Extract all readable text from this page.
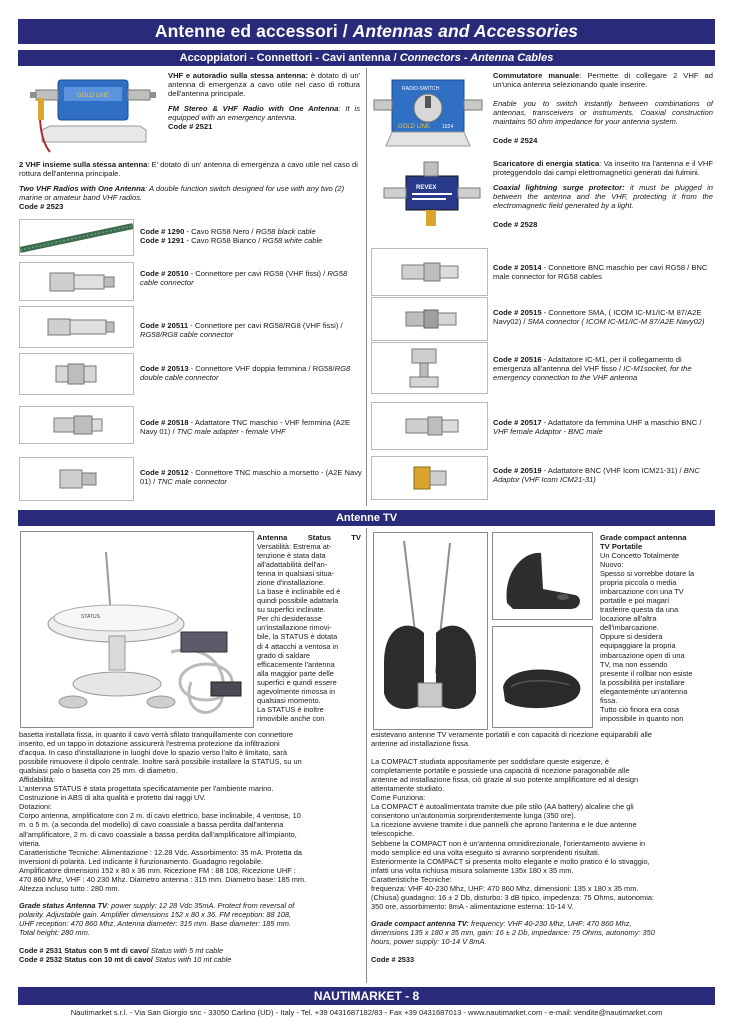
Antenne ed accessori / Antennas and Accessories
Accoppiatori - Connettori - Cavi antenna / Connectors - Antenna Cables
GOLD LINE

VHF e autoradio sulla stessa antenna: è dotato di un' antenna di emergenza a cavo utile nel caso di rottura dell'antenna principale.

FM Stereo & VHF Radio with One Antenna: It is equipped with an emergency antenna.

Code # 2521

2 VHF insieme sulla stessa antenna: E' dotato di un' antenna di emergenza a cavo utile nel caso di rottura dell'antenna principale.

Two VHF Radios with One Antenna: A double function switch designed for use with any two (2) marine or amateur band VHF radios.

Code # 2523

RADIO-SWITCH
GOLD LINE 1524

Commutatore manuale: Permette di collegare 2 VHF ad un'unica antenna selezionando quale inserire.

Enable you to switch instantly between combinations of antennas, transceivers or instruments. Coaxial construction maintains 50 ohm impedance for your antenna system.

Code # 2524

REVEX

Scaricatore di energia statica: Va inserito tra l'antenna e il VHF proteggendolo dai campi elettromagnetici generati dai fulmini.

Coaxial lightning surge protector: it must be plugged in between the antenna and the VHF, protecting it from the electromagnetic field generated by a light.

Code # 2528

Code # 1290 - Cavo RG58 Nero / RG58 black cable

Code # 1291 - Cavo RG58 Bianco / RG58 white cable

Code # 20510 - Connettore per cavi RG58 (VHF fissi) / RG58 cable connector

Code # 20511 - Connettore per cavi RG58/RG8 (VHF fissi) / RG58/RG8 cable connector

Code # 20513 - Connettore VHF doppia femmina / RG58/RG8 double cable connector

Code # 20518 - Adattatore TNC maschio - VHF femmina (A2E Navy 01) / TNC male adapter - female VHF

Code # 20512 - Connettore TNC maschio a morsetto - (A2E Navy 01) / TNC male connector

Code # 20514 - Connettore BNC maschio per cavi RG58 / BNC male connector for RG58 cables

Code # 20515 - Connettore SMA, ( ICOM IC-M1/IC-M 87/A2E Navy02) / SMA connector ( ICOM IC-M1/IC-M 87/A2E Navy02)

Code # 20516 - Adattatore IC-M1, per il collegamento di emergenza all'antenna del VHF fisso / IC-M1socket, for the emergency connection to the VHF antenna

Code # 20517 - Adattatore da femmina UHF a maschio BNC / VHF female Adaptor - BNC male

Code # 20519 - Adattatore BNC (VHF Icom ICM21-31) / BNC Adaptor (VHF Icom ICM21-31)

Antenne TV
STATUS

Antenna Status TV

Versatilità: Estrema at-

tenzione è stata data

all'adattabilità dell'an-

tenna in qualsiasi situa-

zione d'installazione.

La base è inclinabile ed è

quindi possibile adattarla

su superfici inclinate.

Per chi desiderasse

un'installazione rimovi-

bile, la STATUS è dotata

di 4 attacchi a ventosa in

grado di saldare

efficacemente l'antenna

alla maggior parte delle

superfici e quindi essere

agevolmente rimossa in

qualsiasi momento.

La STATUS è inoltre

rimovibile anche con

basetta installata fissa, in quanto il cavo verrà sfilato tranquillamente con connettore

inserito, ed un tappo in dotazione assicurerà l'estrema protezione da infiltrazioni

d'acqua. In caso d'installazione in luoghi dove lo spazio verso l'alto è limitato, sarà

possibile rimuovere il dipolo centrale. Inoltre sarà possibile installare la STATUS, su un

qualsiasi palo o basetta con 25 mm. di diametro.

Affidabilità:

L'antenna STATUS è stata progettata specificatamente per l'ambiente marino.

Costruzione in ABS di alta qualità e protetto dai raggi UV.

Dotazioni:

Corpo antenna, amplificatore con 2 m. di cavo elettrico, base inclinabile, 4 ventose, 10

m. o 5 m. (a seconda del modello) di cavo coassiale a bassa perdita dall'antenna

all'amplificatore, 2 m. di cavo coassiale a bassa perdita dall'amplificatore all'impianto,

viteria.

Caratteristiche Tecniche: Alimentazione : 12.28 Vdc. Assorbimento: 35 mA. Protetta da

inversioni di polarità. Led indicante il funzionamento. Guadagno regolabile.

Amplificatore dimensioni 152 x 80 x 36 mm. Ricezione FM : 88 108, Ricezione UHF :

470 860 Mhz, VHF : 40 230 Mhz. Diametro antenna : 315 mm. Diametro base: 185 mm.

Altezza incluso tutto : 280 mm.

Grade status Antenna TV: power supply: 12 28 Vdc 35mA. Protect from reversal of

polarity. Adjustable gain. Amplifier dimensions 152 x 80 x 36. FM reception: 88 108,

UHF reception: 470 860 Mhz, Antenna diameter: 315 mm. Base diameter: 185 mm.

Total height: 280 mm.

Code # 2531 Status con 5 mt di cavo/ Status with 5 mt cable

Code # 2532 Status con 10 mt di cavo/ Status with 10 mt cable

Grade compact antenna

TV Portatile

Un Concetto Totalmente

Nuovo:

Spesso si vorrebbe dotare la

propria piccola o media

imbarcazione con una TV

portatile e poi magari

trasferire questa da una

locazione all'altra

dell'imbarcazione.

Oppure si desidera

equipaggiare la propria

imbarcazione open di una

TV, ma non essendo

presente il rollbar non esiste

la possibilità per installare

eleganteménte un'antenna

fissa.

Tutto ciò finora era cosa

impossibile in quanto non

esistevano antenne TV veramente portatili e con capacità di ricezione equiparabili alle

antenne ad installazione fissa.

La COMPACT studiata appositamente per soddisfare queste esigenze, è

completamente portatile e possiede una capacità di ricezione paragonabile alle

antenne ad installazione fissa, ciò grazie al suo potente amplificatore ed al design

attentamente studiato.

Come Funziona:

La COMPACT è autoalimentata tramite due pile stilo (AA battery) alcaline che gli

consentono un'autonomia sorprendentemente lunga (350 ore).

La ricezione avviene tramite i due pannelli che aprono l'antenna e le due antenne

telescopiche.

Sebbene la COMPACT non è un'antenna omnidirezionale, l'orientamento avviene in

modo semplice ed una volta eseguito si avranno sorprendenti risultati.

Esteriormente la COMPACT si presenta molto elegante e molto pratico é lo stivaggio,

infatti una volta richiusa misura solamente 135x 180 x 35 mm.

Caratteristiche Tecniche:

frequenza: VHF 40-230 Mhz, UHF: 470 860 Mhz, dimensioni: 135 x 180 x 35 mm.

(Chiusa) guadagno: 16 ± 2 Db, disturbo: 3 dB tipico, impedenza: 75 Ohms, autonomia:

350 ore, assorbimento: 8mA - alimentazione esterna: 10-14 V.

Grade compact antenna TV: frequency: VHF 40-230 Mhz, UHF: 470 860 Mhz,

dimensions 135 x 180 x 35 mm, gain: 16 ± 2 Db, impedance: 75 Ohms, autonomy: 350

hours, power supply: 10-14 V 8mA.

Code # 2533

NAUTIMARKET - 8
Nautimarket s.r.l. - Via San Giorgio snc - 33050 Carlino (UD) - Italy - Tel. +39 0431687182/83 - Fax +39 0431687013 - www.nautimarket.com - e-mail: vendite@nautimarket.com
